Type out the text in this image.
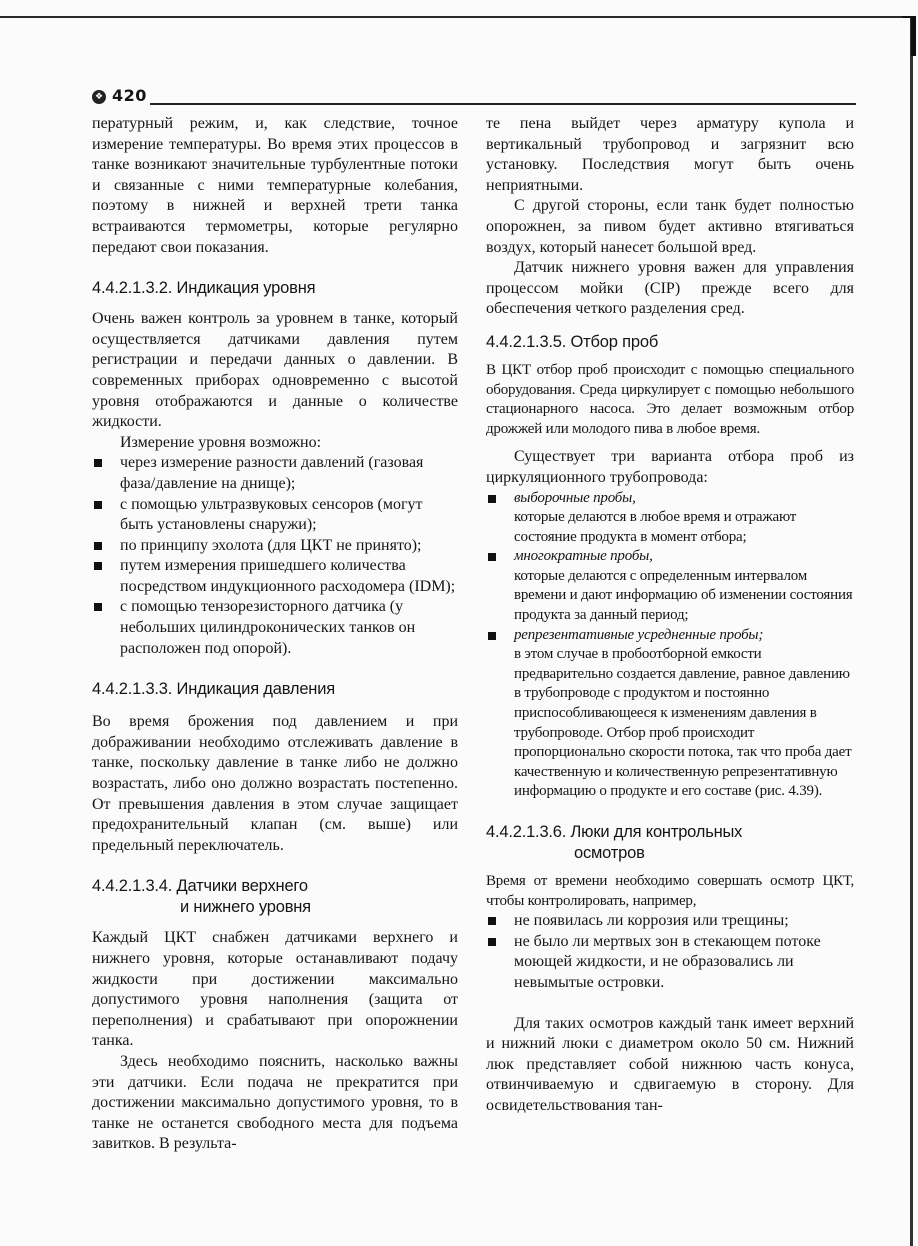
❖ 420

пературный режим, и, как следствие, точное измерение температуры. Во время этих процессов в танке возникают значительные турбулентные потоки и связанные с ними температурные колебания, поэтому в нижней и верхней трети танка встраиваются термометры, которые регулярно передают свои показания.

4.4.2.1.3.2. Индикация уровня

Очень важен контроль за уровнем в танке, который осуществляется датчиками давления путем регистрации и передачи данных о давлении. В современных приборах одновременно с высотой уровня отображаются и данные о количестве жидкости.

Измерение уровня возможно:

через измерение разности давлений (газовая фаза/давление на днище);
с помощью ультразвуковых сенсоров (могут быть установлены снаружи);
по принципу эхолота (для ЦКТ не принято);
путем измерения пришедшего количества посредством индукционного расходомера (IDM);
с помощью тензорезисторного датчика (у небольших цилиндроконических танков он расположен под опорой).
4.4.2.1.3.3. Индикация давления

Во время брожения под давлением и при дображивании необходимо отслеживать давление в танке, поскольку давление в танке либо не должно возрастать, либо оно должно возрастать постепенно. От превышения давления в этом случае защищает предохранительный клапан (см. выше) или предельный переключатель.

4.4.2.1.3.4. Датчики верхнего
и нижнего уровня

Каждый ЦКТ снабжен датчиками верхнего и нижнего уровня, которые останавливают подачу жидкости при достижении максимально допустимого уровня наполнения (защита от переполнения) и срабатывают при опорожнении танка.

Здесь необходимо пояснить, насколько важны эти датчики. Если подача не прекратится при достижении максимально допустимого уровня, то в танке не останется свободного места для подъема завитков. В результа-

те пена выйдет через арматуру купола и вертикальный трубопровод и загрязнит всю установку. Последствия могут быть очень неприятными.

С другой стороны, если танк будет полностью опорожнен, за пивом будет активно втягиваться воздух, который нанесет большой вред.

Датчик нижнего уровня важен для управления процессом мойки (CIP) прежде всего для обеспечения четкого разделения сред.

4.4.2.1.3.5. Отбор проб

В ЦКТ отбор проб происходит с помощью специального оборудования. Среда циркулирует с помощью небольшого стационарного насоса. Это делает возможным отбор дрожжей или молодого пива в любое время.

Существует три варианта отбора проб из циркуляционного трубопровода:

выборочные пробы,
которые делаются в любое время и отражают состояние продукта в момент отбора;
многократные пробы,
которые делаются с определенным интервалом времени и дают информацию об изменении состояния продукта за данный период;
репрезентативные усредненные пробы;
в этом случае в пробоотборной емкости предварительно создается давление, равное давлению в трубопроводе с продуктом и постоянно приспособливающееся к изменениям давления в трубопроводе. Отбор проб происходит пропорционально скорости потока, так что проба дает качественную и количественную репрезентативную информацию о продукте и его составе (рис. 4.39).
4.4.2.1.3.6. Люки для контрольных
осмотров

Время от времени необходимо совершать осмотр ЦКТ, чтобы контролировать, например,

не появилась ли коррозия или трещины;
не было ли мертвых зон в стекающем потоке моющей жидкости, и не образовались ли невымытые островки.

Для таких осмотров каждый танк имеет верхний и нижний люки с диаметром около 50 см. Нижний люк представляет собой нижнюю часть конуса, отвинчиваемую и сдвигаемую в сторону. Для освидетельствования тан-
